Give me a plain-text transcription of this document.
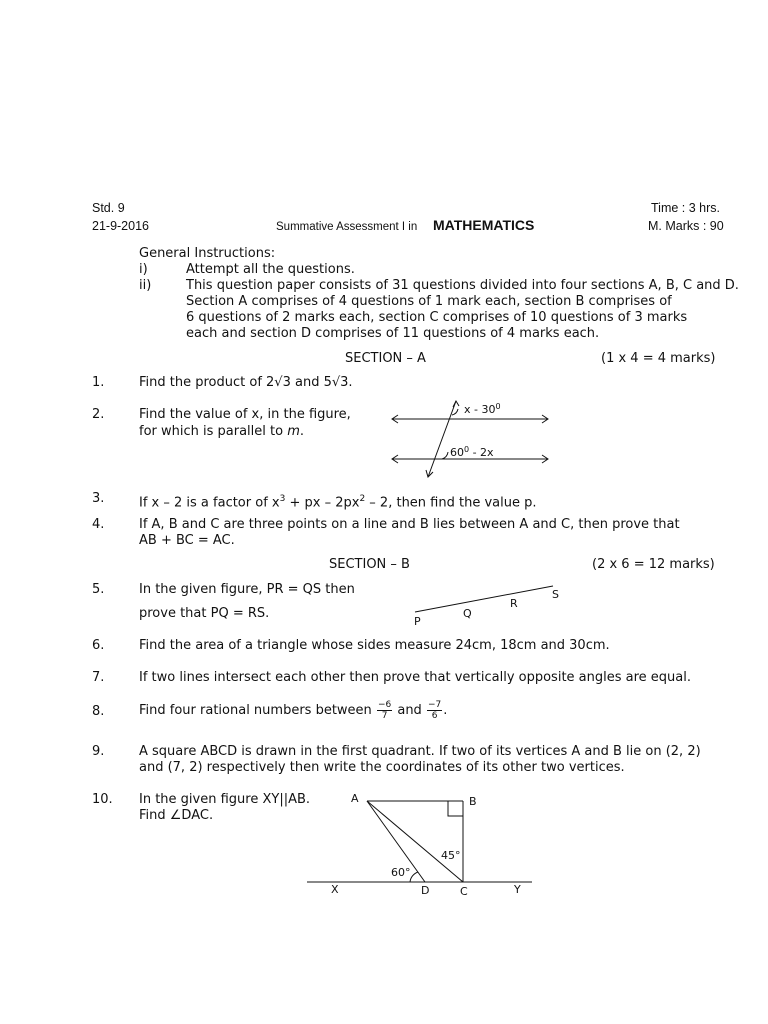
Std. 9
21-9-2016	Summative Assessment I in MATHEMATICS
Time : 3 hrs.
M. Marks : 90
General Instructions:
i)	Attempt all the questions.
ii)	This question paper consists of 31 questions divided into four sections A, B, C and D.
Section A comprises of 4 questions of 1 mark each, section B comprises of
6 questions of 2 marks each, section C comprises of 10 questions of 3 marks
each and section D comprises of 11 questions of 4 marks each.
SECTION – A	(1 x 4 = 4 marks)
1.	Find the product of 2√3 and 5√3.
2.	Find the value of x, in the figure,
for which is parallel to m.
x - $30^0$
$60^0 - 2x$
3.	If x – 2 is a factor of $x^3$ + px – $2px^2 - 2$, then find the value p.
4.	If A, B and C are three points on a line and B lies between A and C, then prove that
AB + BC = AC.
SECTION – B	(2 x 6 = 12 marks)
5.	In the given figure, PR = QS then
prove that PQ = RS.
P
Q
R
S
6.	Find the area of a triangle whose sides measure 24cm, 18cm and 30cm.
7.	If two lines intersect each other then prove that vertically opposite angles are equal.
8.	Find four rational numbers between $\frac{-6}{7}$ and $\frac{-7}{6}$ .
9.	A square ABCD is drawn in the first quadrant. If two of its vertices A and B lie on (2, 2)
and (7, 2) respectively then write the coordinates of its other two vertices.
10. In the given figure XY||AB.
Find ∠DAC.
A	B
C
D
X	Y
45°
60°
